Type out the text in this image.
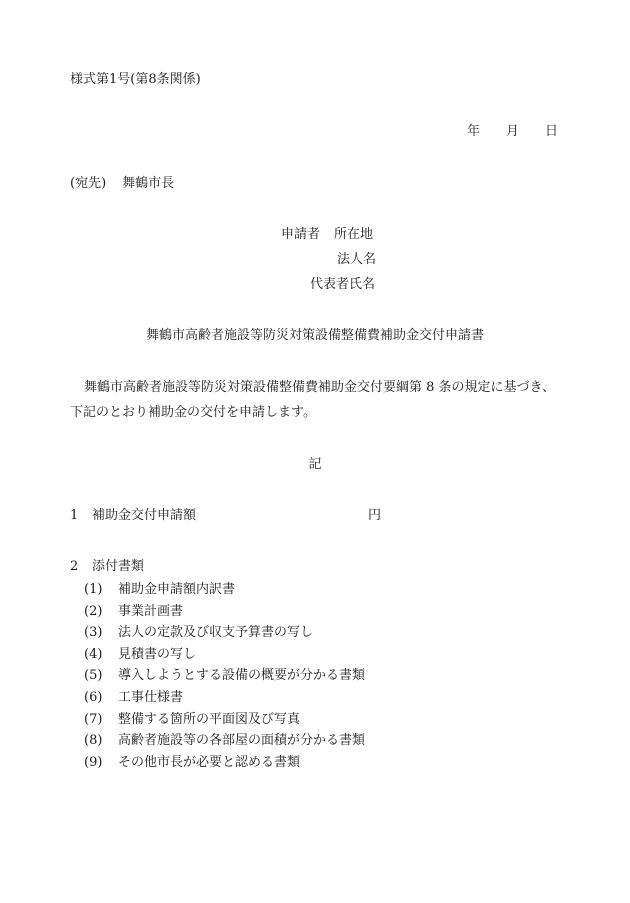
様式第1号(第8条関係)
年 月 日
(宛先) 舞鶴市長
申請者 所在地
法人名
代表者氏名
舞鶴市高齢者施設等防災対策設備整備費補助金交付申請書
舞鶴市高齢者施設等防災対策設備整備費補助金交付要綱第 8 条の規定に基づき、
下記のとおり補助金の交付を申請します。
記
1 補助金交付申請額	円
2 添付書類
(1) 補助金申請額内訳書
(2) 事業計画書
(3) 法人の定款及び収支予算書の写し
(4) 見積書の写し
(5) 導入しようとする設備の概要が分かる書類
(6) 工事仕様書
(7) 整備する箇所の平面図及び写真
(8) 高齢者施設等の各部屋の面積が分かる書類
(9) その他市長が必要と認める書類
